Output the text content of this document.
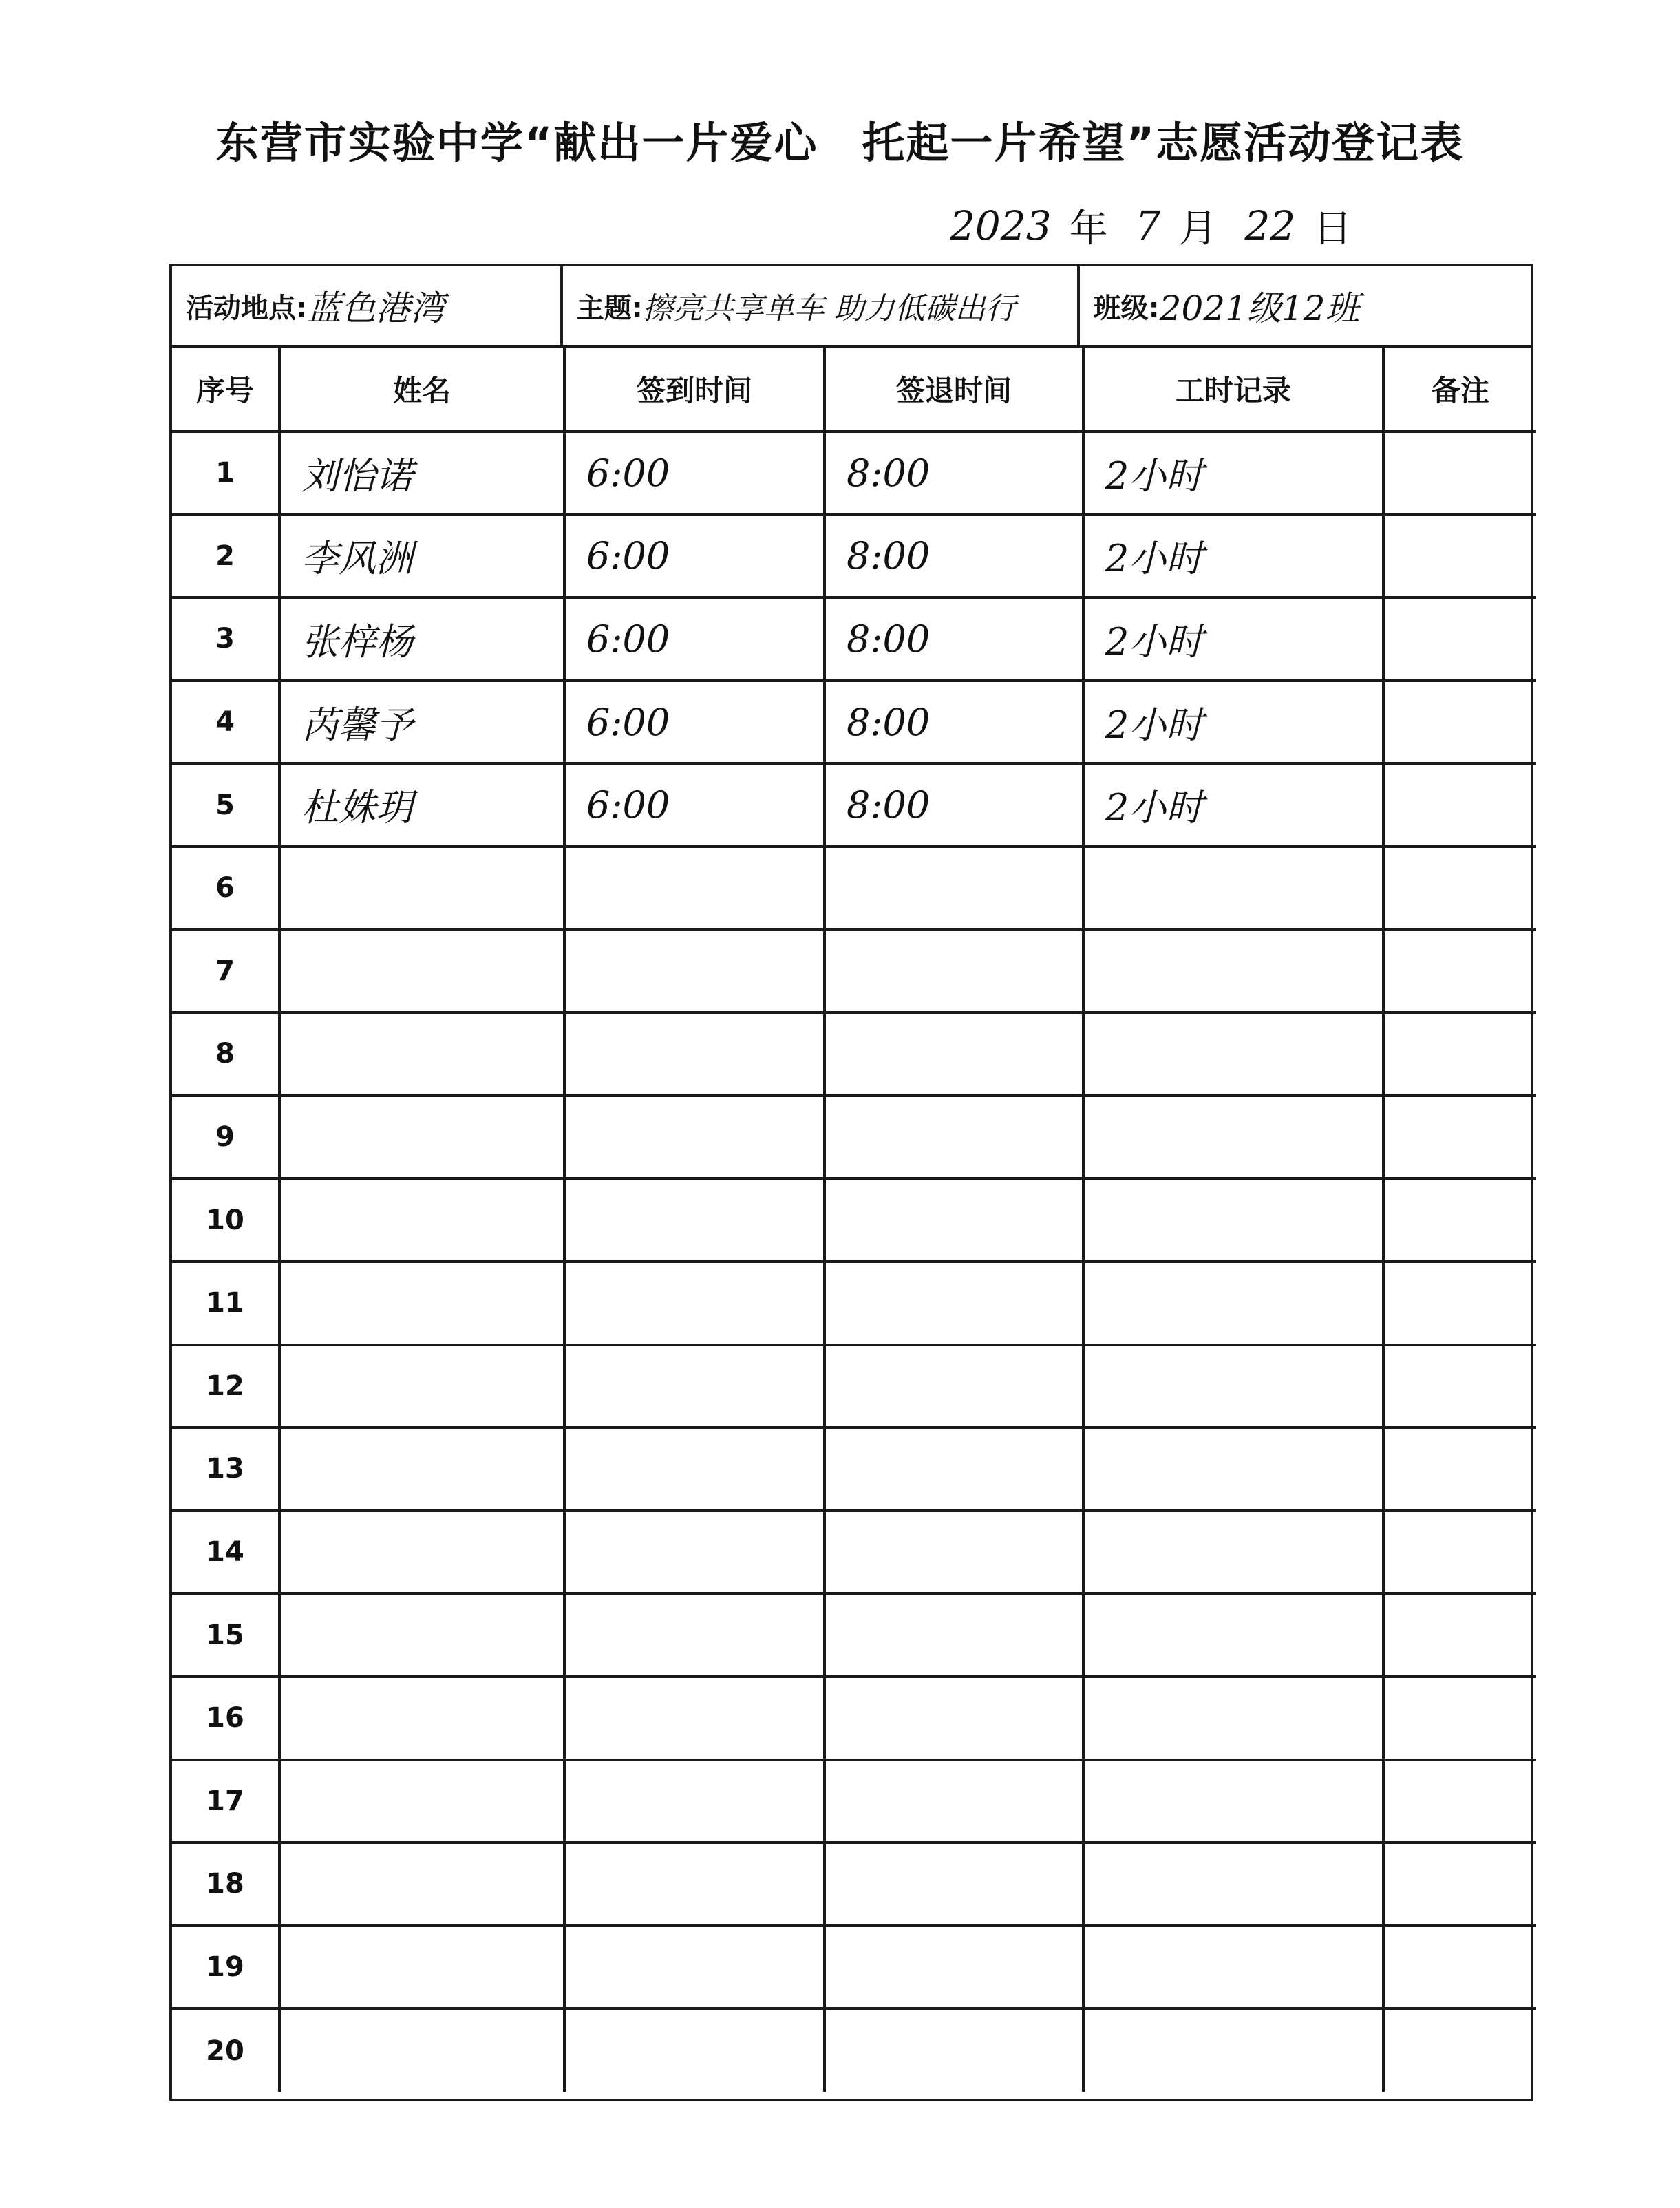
东营市实验中学“献出一片爱心　托起一片希望”志愿活动登记表
2023 年 7 月 22 日
活动地点: 蓝色港湾	主题: 擦亮共享单车 助力低碳出行	班级: 2021级12班
序号	姓名	签到时间	签退时间	工时记录	备注
1	刘怡诺	6:00	8:00	2小时	
2	李风洲	6:00	8:00	2小时	
3	张梓杨	6:00	8:00	2小时	
4	芮馨予	6:00	8:00	2小时	
5	杜姝玥	6:00	8:00	2小时	
6					
7					
8					
9					
10					
11					
12					
13					
14					
15					
16					
17					
18					
19					
20					
